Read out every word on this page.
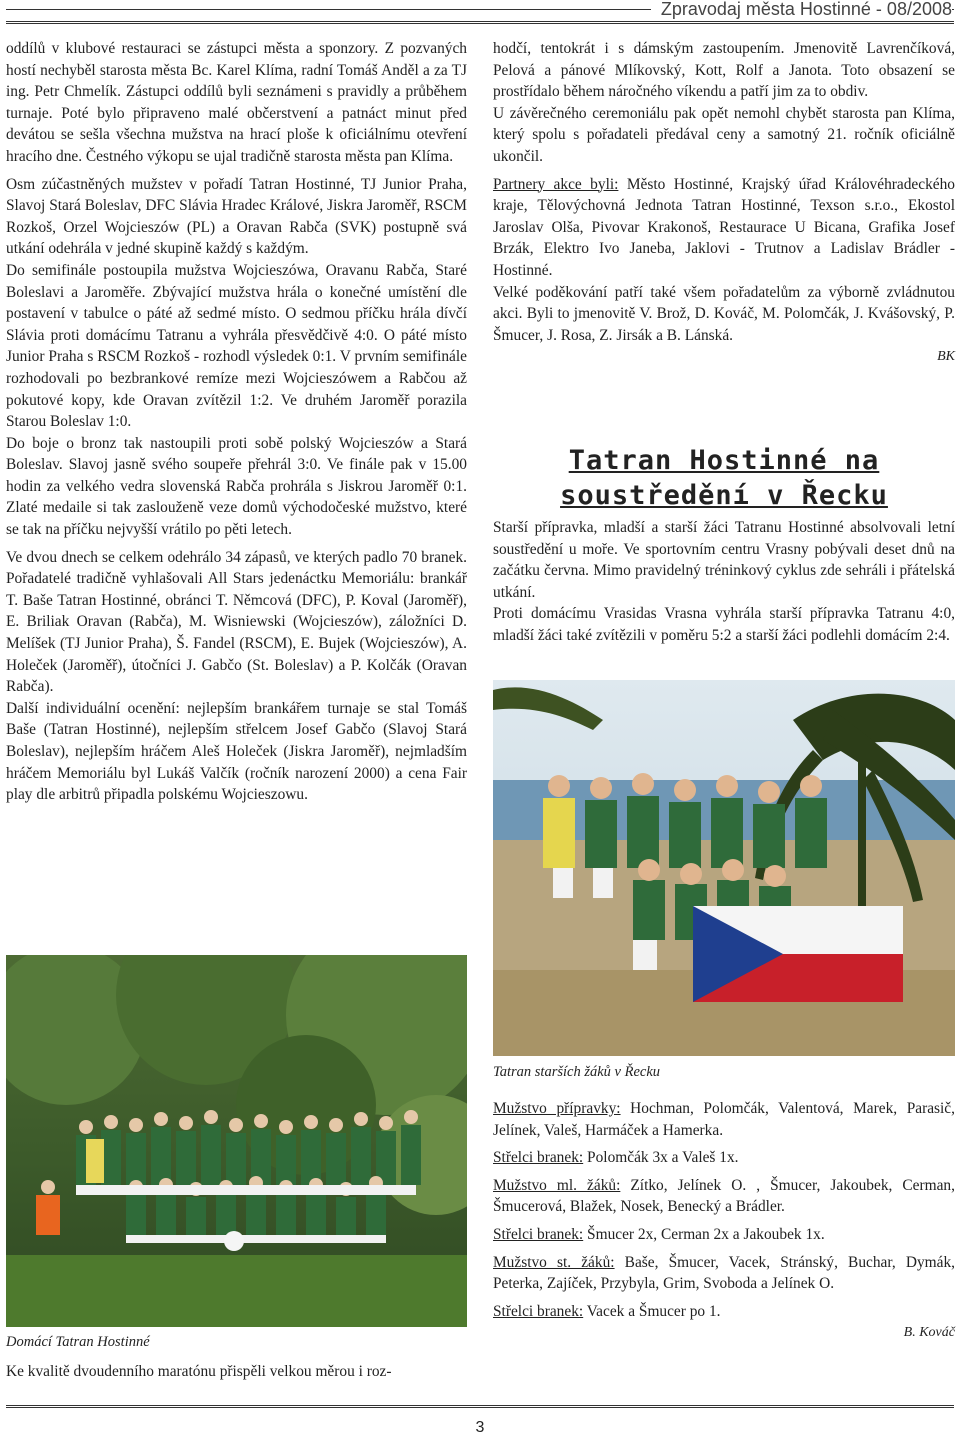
Zpravodaj města Hostinné - 08/2008

oddílů v klubové restauraci se zástupci města a sponzory. Z pozvaných hostí nechyběl starosta města Bc. Karel Klíma, radní Tomáš Anděl a za TJ ing. Petr Chmelík. Zástupci oddílů byli seznámeni s pravidly a průběhem turnaje. Poté bylo připraveno malé občerstvení a patnáct minut před devátou se sešla všechna mužstva na hrací ploše k oficiálnímu otevření hracího dne. Čestného výkopu se ujal tradičně starosta města pan Klíma.

Osm zúčastněných mužstev v pořadí Tatran Hostinné, TJ Junior Praha, Slavoj Stará Boleslav, DFC Slávia Hradec Králové, Jiskra Jaroměř, RSCM Rozkoš, Orzel Wojcieszów (PL) a Oravan Rabča (SVK) postupně svá utkání odehrála v jedné skupině každý s každým.

Do semifinále postoupila mužstva Wojcieszówa, Oravanu Rabča, Staré Boleslavi a Jaroměře. Zbývající mužstva hrála o konečné umístění dle postavení v tabulce o páté až sedmé místo. O sedmou příčku hrála dívčí Slávia proti domácímu Tatranu a vyhrála přesvědčivě 4:0. O páté místo Junior Praha s RSCM Rozkoš - rozhodl výsledek 0:1. V prvním semifinále rozhodovali po bezbrankové remíze mezi Wojcieszówem a Rabčou až pokutové kopy, kde Oravan zvítězil 1:2. Ve druhém Jaroměř porazila Starou Boleslav 1:0.

Do boje o bronz tak nastoupili proti sobě polský Wojcieszów a Stará Boleslav. Slavoj jasně svého soupeře přehrál 3:0. Ve finále pak v 15.00 hodin za velkého vedra slovenská Rabča prohrála s Jiskrou Jaroměř 0:1. Zlaté medaile si tak zaslouženě veze domů východočeské mužstvo, které se tak na příčku nejvyšší vrátilo po pěti letech.

Ve dvou dnech se celkem odehrálo 34 zápasů, ve kterých padlo 70 branek. Pořadatelé tradičně vyhlašovali All Stars jedenáctku Memoriálu: brankář T. Baše Tatran Hostinné, obránci T. Němcová (DFC), P. Koval (Jaroměř), E. Briliak Oravan (Rabča), M. Wisniewski (Wojcieszów), záložníci D. Melíšek (TJ Junior Praha), Š. Fandel (RSCM), E. Bujek (Wojcieszów), A. Holeček (Jaroměř), útočníci J. Gabčo (St. Boleslav) a P. Kolčák (Oravan Rabča).

Další individuální ocenění: nejlepším brankářem turnaje se stal Tomáš Baše (Tatran Hostinné), nejlepším střelcem Josef Gabčo (Slavoj Stará Boleslav), nejlepším hráčem Aleš Holeček (Jiskra Jaroměř), nejmladším hráčem Memoriálu byl Lukáš Valčík (ročník narození 2000) a cena Fair play dle arbitrů připadla polskému Wojcieszowu.

Domácí Tatran Hostinné
Ke kvalitě dvoudenního maratónu přispěli velkou měrou i roz-

hodčí, tentokrát i s dámským zastoupením. Jmenovitě Lavrenčíková, Pelová a pánové Mlíkovský, Kott, Rolf a Janota. Toto obsazení se prostřídalo během náročného víkendu a patří jim za to obdiv.

U závěrečného ceremoniálu pak opět nemohl chybět starosta pan Klíma, který spolu s pořadateli předával ceny a samotný 21. ročník oficiálně ukončil.

Partnery akce byli: Město Hostinné, Krajský úřad Královéhradeckého kraje, Tělovýchovná Jednota Tatran Hostinné, Texson s.r.o., Ekostol Jaroslav Olša, Pivovar Krakonoš, Restaurace U Bicana, Grafika Josef Brzák, Elektro Ivo Janeba, Jaklovi - Trutnov a Ladislav Brádler - Hostinné.

Velké poděkování patří také všem pořadatelům za výborně zvládnutou akci. Byli to jmenovitě V. Brož, D. Kováč, M. Polomčák, J. Kvášovský, P. Šmucer, J. Rosa, Z. Jirsák a B. Lánská.

BK

Tatran Hostinné na soustředění v Řecku

Starší přípravka, mladší a starší žáci Tatranu Hostinné absolvovali letní soustředění u moře. Ve sportovním centru Vrasny pobývali deset dnů na začátku června. Mimo pravidelný tréninkový cyklus zde sehráli i přátelská utkání.

Proti domácímu Vrasidas Vrasna vyhrála starší přípravka Tatranu 4:0, mladší žáci také zvítězili v poměru 5:2 a starší žáci podlehli domácím 2:4.

Tatran starších žáků v Řecku

Mužstvo přípravky: Hochman, Polomčák, Valentová, Marek, Parasič, Jelínek, Valeš, Harmáček a Hamerka.

Střelci branek: Polomčák 3x a Valeš 1x.

Mužstvo ml. žáků: Zítko, Jelínek O. , Šmucer, Jakoubek, Cerman, Šmucerová, Blažek, Nosek, Benecký a Brádler.

Střelci branek: Šmucer 2x, Cerman 2x a Jakoubek 1x.

Mužstvo st. žáků: Baše, Šmucer, Vacek, Stránský, Buchar, Dymák, Peterka, Zajíček, Przybyla, Grim, Svoboda a Jelínek O.

Střelci branek: Vacek a Šmucer po 1.

B. Kováč

3
